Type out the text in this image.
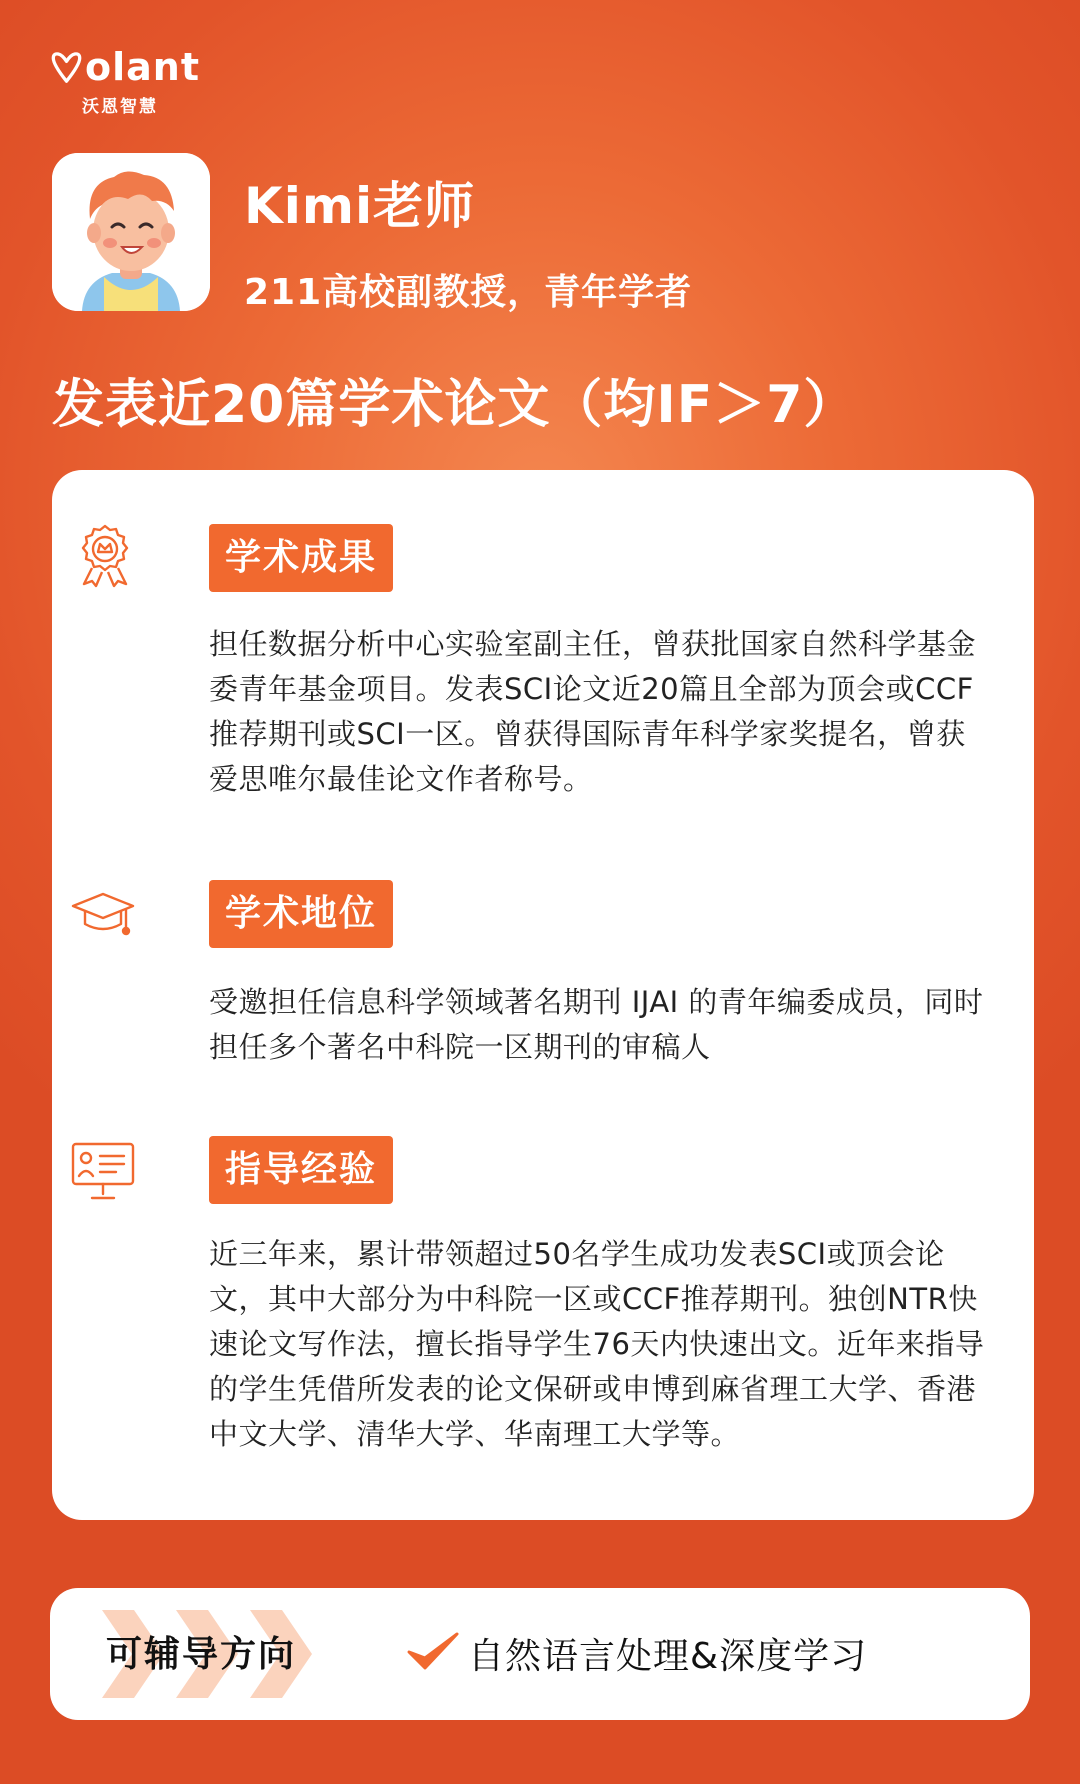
olant
沃恩智慧
Kimi老师
211高校副教授，青年学者
发表近20篇学术论文（均IF＞7）
学术成果
担任数据分析中心实验室副主任，曾获批国家自然科学基金
委青年基金项目。发表SCI论文近20篇且全部为顶会或CCF
推荐期刊或SCI一区。曾获得国际青年科学家奖提名，曾获
爱思唯尔最佳论文作者称号。
学术地位
受邀担任信息科学领域著名期刊 IJAI 的青年编委成员，同时
担任多个著名中科院一区期刊的审稿人
指导经验
近三年来，累计带领超过50名学生成功发表SCI或顶会论
文，其中大部分为中科院一区或CCF推荐期刊。独创NTR快
速论文写作法，擅长指导学生76天内快速出文。近年来指导
的学生凭借所发表的论文保研或申博到麻省理工大学、香港
中文大学、清华大学、华南理工大学等。
可辅导方向	自然语言处理&深度学习
